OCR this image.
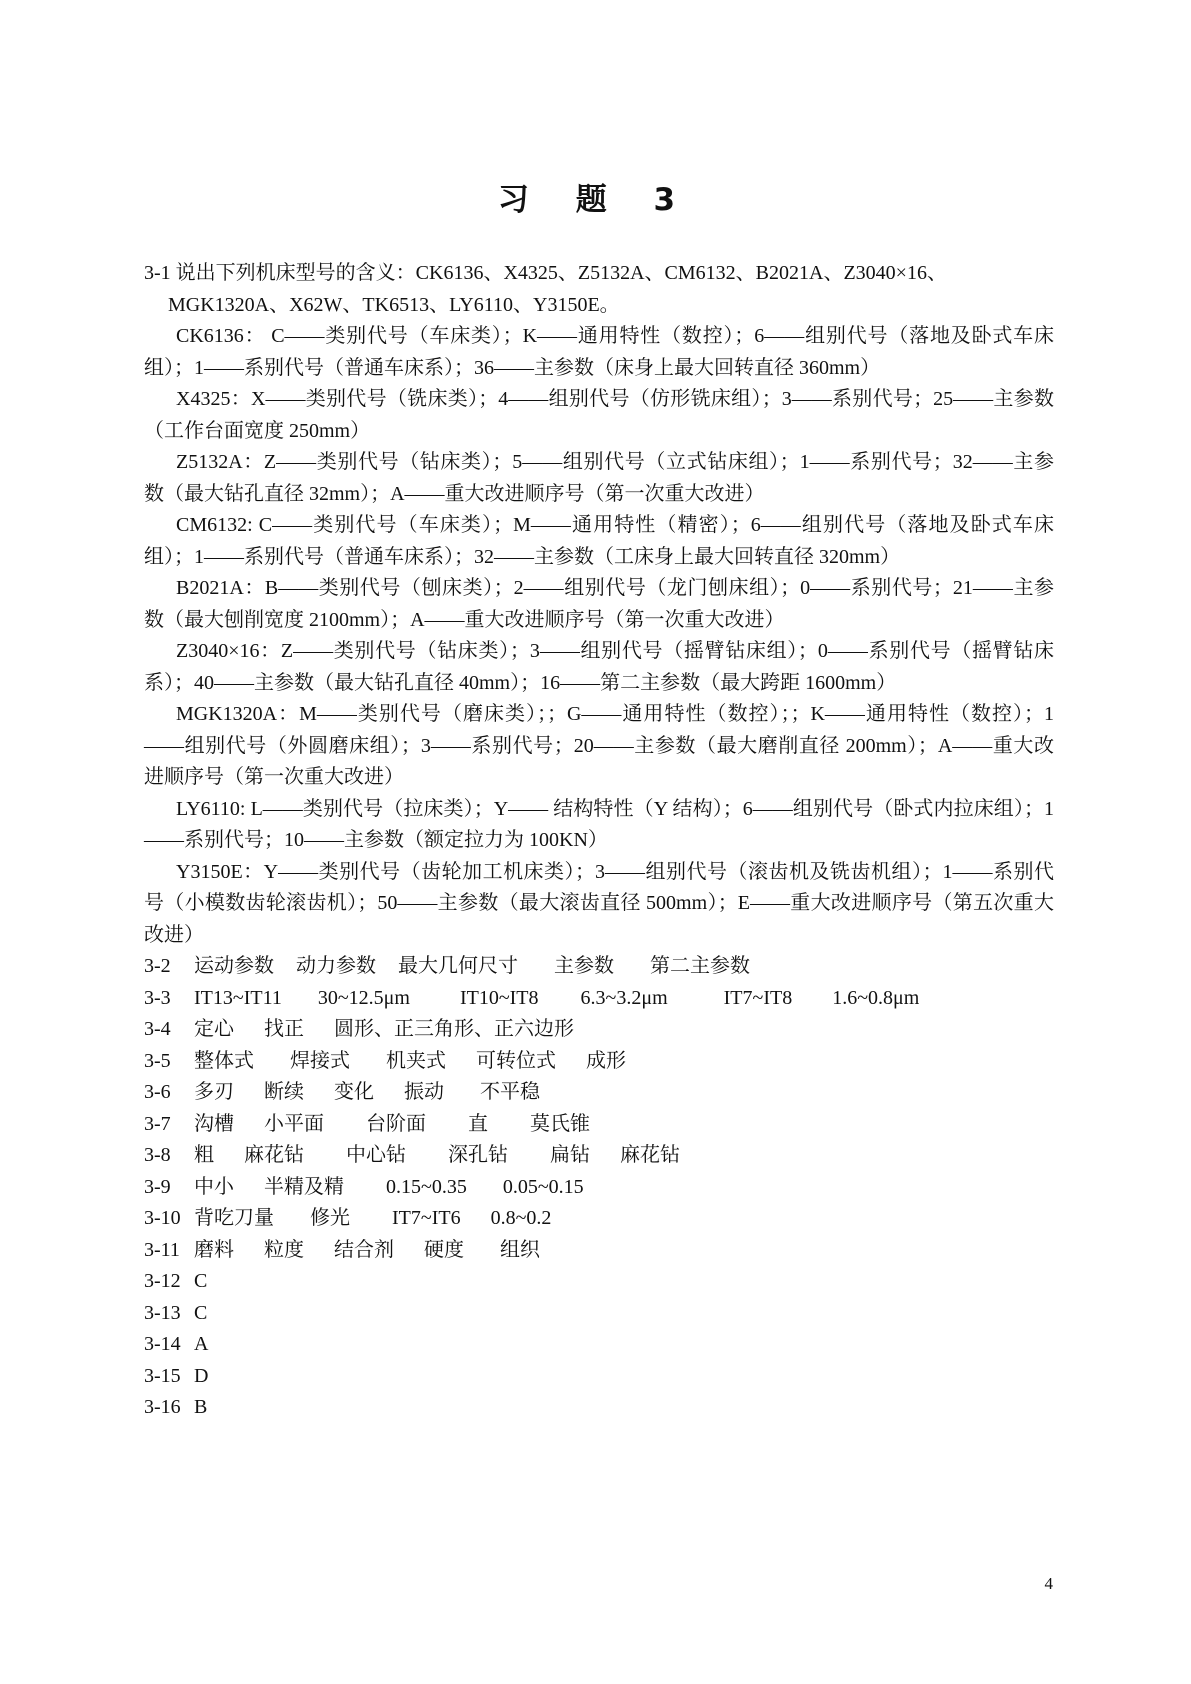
习 题 3

3-1 说出下列机床型号的含义：CK6136、X4325、Z5132A、CM6132、B2021A、Z3040×16、MGK1320A、X62W、TK6513、LY6110、Y3150E。

CK6136： C——类别代号（车床类）；K——通用特性（数控）；6——组别代号（落地及卧式车床组）；1——系别代号（普通车床系）；36——主参数（床身上最大回转直径 360mm）

X4325：X——类别代号（铣床类）；4——组别代号（仿形铣床组）；3——系别代号；25——主参数（工作台面宽度 250mm）

Z5132A：Z——类别代号（钻床类）；5——组别代号（立式钻床组）；1——系别代号；32——主参数（最大钻孔直径 32mm）；A——重大改进顺序号（第一次重大改进）

CM6132: C——类别代号（车床类）；M——通用特性（精密）；6——组别代号（落地及卧式车床组）；1——系别代号（普通车床系）；32——主参数（工床身上最大回转直径 320mm）

B2021A：B——类别代号（刨床类）；2——组别代号（龙门刨床组）；0——系别代号；21——主参数（最大刨削宽度 2100mm）；A——重大改进顺序号（第一次重大改进）

Z3040×16：Z——类别代号（钻床类）；3——组别代号（摇臂钻床组）；0——系别代号（摇臂钻床系）；40——主参数（最大钻孔直径 40mm）；16——第二主参数（最大跨距 1600mm）

MGK1320A：M——类别代号（磨床类）；；G——通用特性（数控）；；K——通用特性（数控）；1——组别代号（外圆磨床组）；3——系别代号；20——主参数（最大磨削直径 200mm）；A——重大改进顺序号（第一次重大改进）

LY6110: L——类别代号（拉床类）；Y—— 结构特性（Y 结构）；6——组别代号（卧式内拉床组）；1——系别代号；10——主参数（额定拉力为 100KN）

Y3150E：Y——类别代号（齿轮加工机床类）；3——组别代号（滚齿机及铣齿机组）；1——系别代号（小模数齿轮滚齿机）；50——主参数（最大滚齿直径 500mm）；E——重大改进顺序号（第五次重大改进）

3-2	运动参数 动力参数 最大几何尺寸 主参数 第二主参数
3-3	IT13~IT11 30~12.5μm	IT10~IT8 6.3~3.2μm	IT7~IT8 1.6~0.8μm
3-4	定心 找正 圆形、正三角形、正六边形
3-5	整体式 焊接式 机夹式 可转位式 成形
3-6	多刃 断续 变化 振动 不平稳
3-7	沟槽 小平面 台阶面 直 莫氏锥
3-8	粗 麻花钻 中心钻 深孔钻 扁钻 麻花钻
3-9	中小 半精及精 0.15~0.35 0.05~0.15
3-10 背吃刀量 修光 IT7~IT6 0.8~0.2
3-11 磨料 粒度 结合剂 硬度 组织
3-12 C
3-13 C
3-14 A
3-15 D
3-16 B
4
